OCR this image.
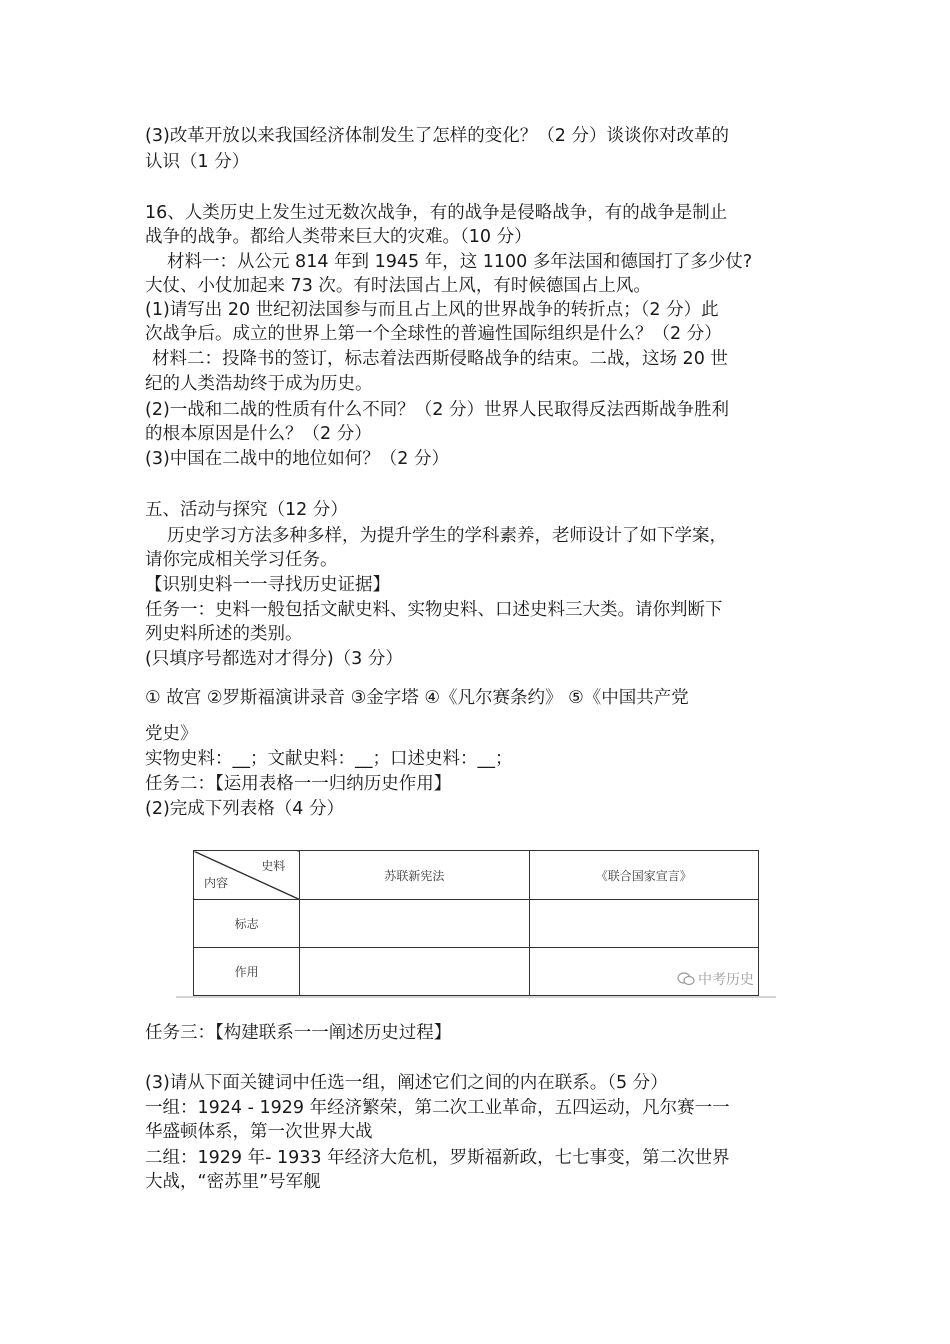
(3)改革开放以来我国经济体制发生了怎样的变化？（2 分）谈谈你对改革的
认识（1 分）
16、人类历史上发生过无数次战争，有的战争是侵略战争，有的战争是制止
战争的战争。都给人类带来巨大的灾难。（10 分）
材料一：从公元 814 年到 1945 年，这 1100 多年法国和德国打了多少仗?
大仗、小仗加起来 73 次。有时法国占上风，有时候德国占上风。
(1)请写出 20 世纪初法国参与而且占上风的世界战争的转折点；（2 分）此
次战争后。成立的世界上第一个全球性的普遍性国际组织是什么？（2 分）
材料二：投降书的签订，标志着法西斯侵略战争的结束。二战，这场 20 世
纪的人类浩劫终于成为历史。
(2)一战和二战的性质有什么不同？（2 分）世界人民取得反法西斯战争胜利
的根本原因是什么？（2 分）
(3)中国在二战中的地位如何？（2 分）
五、活动与探究（12 分）
历史学习方法多种多样，为提升学生的学科素养，老师设计了如下学案，
请你完成相关学习任务。
【识别史料一一寻找历史证据】
任务一：史料一般包括文献史料、实物史料、口述史料三大类。请你判断下
列史料所述的类别。
(只填序号都选对才得分)（3 分）
① 故宫 ②罗斯福演讲录音 ③金字塔 ④《凡尔赛条约》 ⑤《中国共产党
党史》
实物史料：__；文献史料：__；口述史料：__；
任务二：【运用表格一一归纳历史作用】
(2)完成下列表格（4 分）
史料
内容	苏联新宪法	《联合国家宣言》
标志		
作用		中考历史
任务三：【构建联系一一阐述历史过程】
(3)请从下面关键词中任选一组，阐述它们之间的内在联系。（5 分）
一组：1924 - 1929 年经济繁荣，第二次工业革命，五四运动，凡尔赛一一
华盛顿体系，第一次世界大战
二组：1929 年- 1933 年经济大危机，罗斯福新政，七七事变，第二次世界
大战，“密苏里”号军舰
